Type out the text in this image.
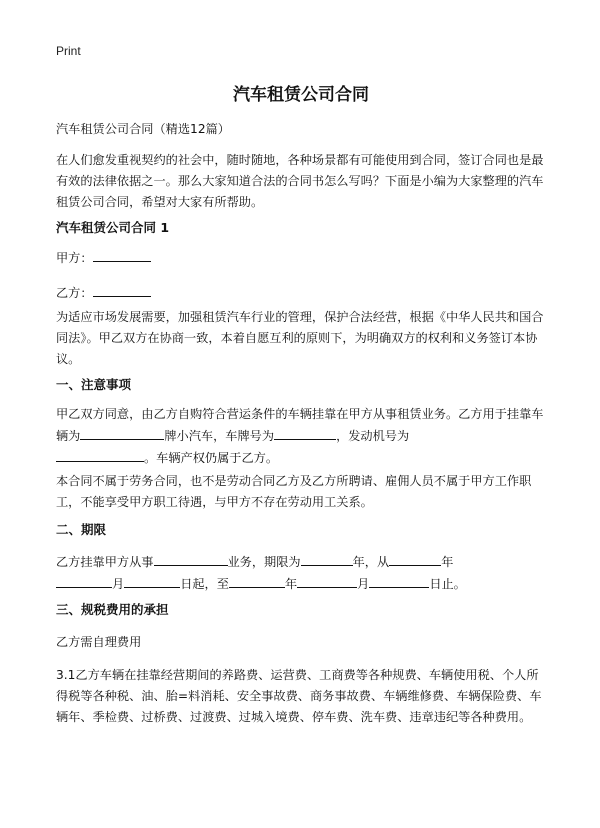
Print
汽车租赁公司合同
汽车租赁公司合同（精选12篇）
在人们愈发重视契约的社会中，随时随地，各种场景都有可能使用到合同，签订合同也是最有效的法律依据之一。那么大家知道合法的合同书怎么写吗？下面是小编为大家整理的汽车租赁公司合同，希望对大家有所帮助。
汽车租赁公司合同 1
甲方：
乙方：
为适应市场发展需要，加强租赁汽车行业的管理，保护合法经营，根据《中华人民共和国合同法》。甲乙双方在协商一致，本着自愿互利的原则下，为明确双方的权利和义务签订本协议。
一、注意事项
甲乙双方同意，由乙方自购符合营运条件的车辆挂靠在甲方从事租赁业务。乙方用于挂靠车辆为	牌小汽车，车牌号为	，发动机号为
。车辆产权仍属于乙方。
本合同不属于劳务合同，也不是劳动合同乙方及乙方所聘请、雇佣人员不属于甲方工作职工，不能享受甲方职工待遇，与甲方不存在劳动用工关系。
二、期限
乙方挂靠甲方从事	业务，期限为	年，从	年
月	日起，至	年	月	日止。
三、规税费用的承担
乙方需自理费用
3.1乙方车辆在挂靠经营期间的养路费、运营费、工商费等各种规费、车辆使用税、个人所得税等各种税、油、胎=料消耗、安全事故费、商务事故费、车辆维修费、车辆保险费、车辆年、季检费、过桥费、过渡费、过城入境费、停车费、洗车费、违章违纪等各种费用。
